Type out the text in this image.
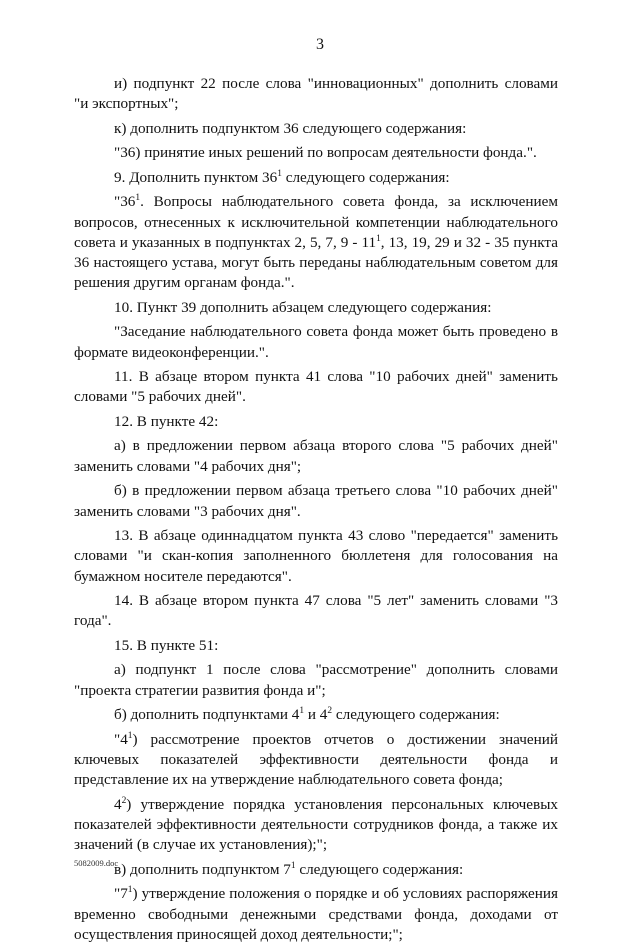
3

и) подпункт 22 после слова "инновационных" дополнить словами "и экспортных";

к) дополнить подпунктом 36 следующего содержания:

"36) принятие иных решений по вопросам деятельности фонда.".

9. Дополнить пунктом $36^1$ следующего содержания:

"$36^1$. Вопросы наблюдательного совета фонда, за исключением вопросов, отнесенных к исключительной компетенции наблюдательного совета и указанных в подпунктах 2, 5, 7, $9 - 11^1$, 13, 19, 29 и 32 - 35 пункта 36 настоящего устава, могут быть переданы наблюдательным советом для решения другим органам фонда.".

10. Пункт 39 дополнить абзацем следующего содержания:

"Заседание наблюдательного совета фонда может быть проведено в формате видеоконференции.".

11. В абзаце втором пункта 41 слова "10 рабочих дней" заменить словами "5 рабочих дней".

12. В пункте 42:

а) в предложении первом абзаца второго слова "5 рабочих дней" заменить словами "4 рабочих дня";

б) в предложении первом абзаца третьего слова "10 рабочих дней" заменить словами "3 рабочих дня".

13. В абзаце одиннадцатом пункта 43 слово "передается" заменить словами "и скан-копия заполненного бюллетеня для голосования на бумажном носителе передаются".

14. В абзаце втором пункта 47 слова "5 лет" заменить словами "3 года".

15. В пункте 51:

а) подпункт 1 после слова "рассмотрение" дополнить словами "проекта стратегии развития фонда и";

б) дополнить подпунктами $4^1$ и $4^2$ следующего содержания:

"$4^1$) рассмотрение проектов отчетов о достижении значений ключевых показателей эффективности деятельности фонда и представление их на утверждение наблюдательного совета фонда;

$4^2$) утверждение порядка установления персональных ключевых показателей эффективности деятельности сотрудников фонда, а также их значений (в случае их установления);";

в) дополнить подпунктом $7^1$ следующего содержания:

"$7^1$) утверждение положения о порядке и об условиях распоряжения временно свободными денежными средствами фонда, доходами от осуществления приносящей доход деятельности;";

5082009.doc
